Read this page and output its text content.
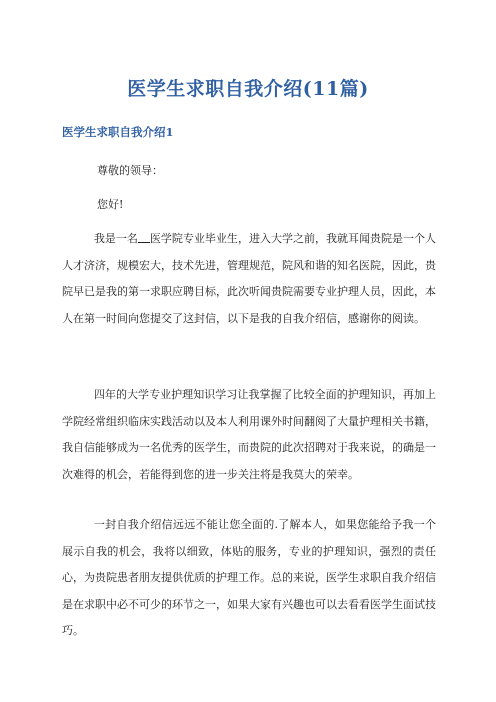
医学生求职自我介绍(11篇)
医学生求职自我介绍1

尊敬的领导：

您好!

我是一名 医学院专业毕业生，进入大学之前，我就耳闻贵院是一个人人才济济，规模宏大，技术先进，管理规范，院风和谐的知名医院，因此，贵院早已是我的第一求职应聘目标，此次听闻贵院需要专业护理人员，因此，本人在第一时间向您提交了这封信，以下是我的自我介绍信，感谢你的阅读。

四年的大学专业护理知识学习让我掌握了比较全面的护理知识，再加上学院经常组织临床实践活动以及本人利用课外时间翻阅了大量护理相关书籍，我自信能够成为一名优秀的医学生，而贵院的此次招聘对于我来说，的确是一次难得的机会，若能得到您的进一步关注将是我莫大的荣幸。

一封自我介绍信远远不能让您全面的.了解本人，如果您能给予我一个展示自我的机会，我将以细致，体贴的服务，专业的护理知识，强烈的责任心，为贵院患者朋友提供优质的护理工作。总的来说，医学生求职自我介绍信是在求职中必不可少的环节之一，如果大家有兴趣也可以去看看医学生面试技巧。
